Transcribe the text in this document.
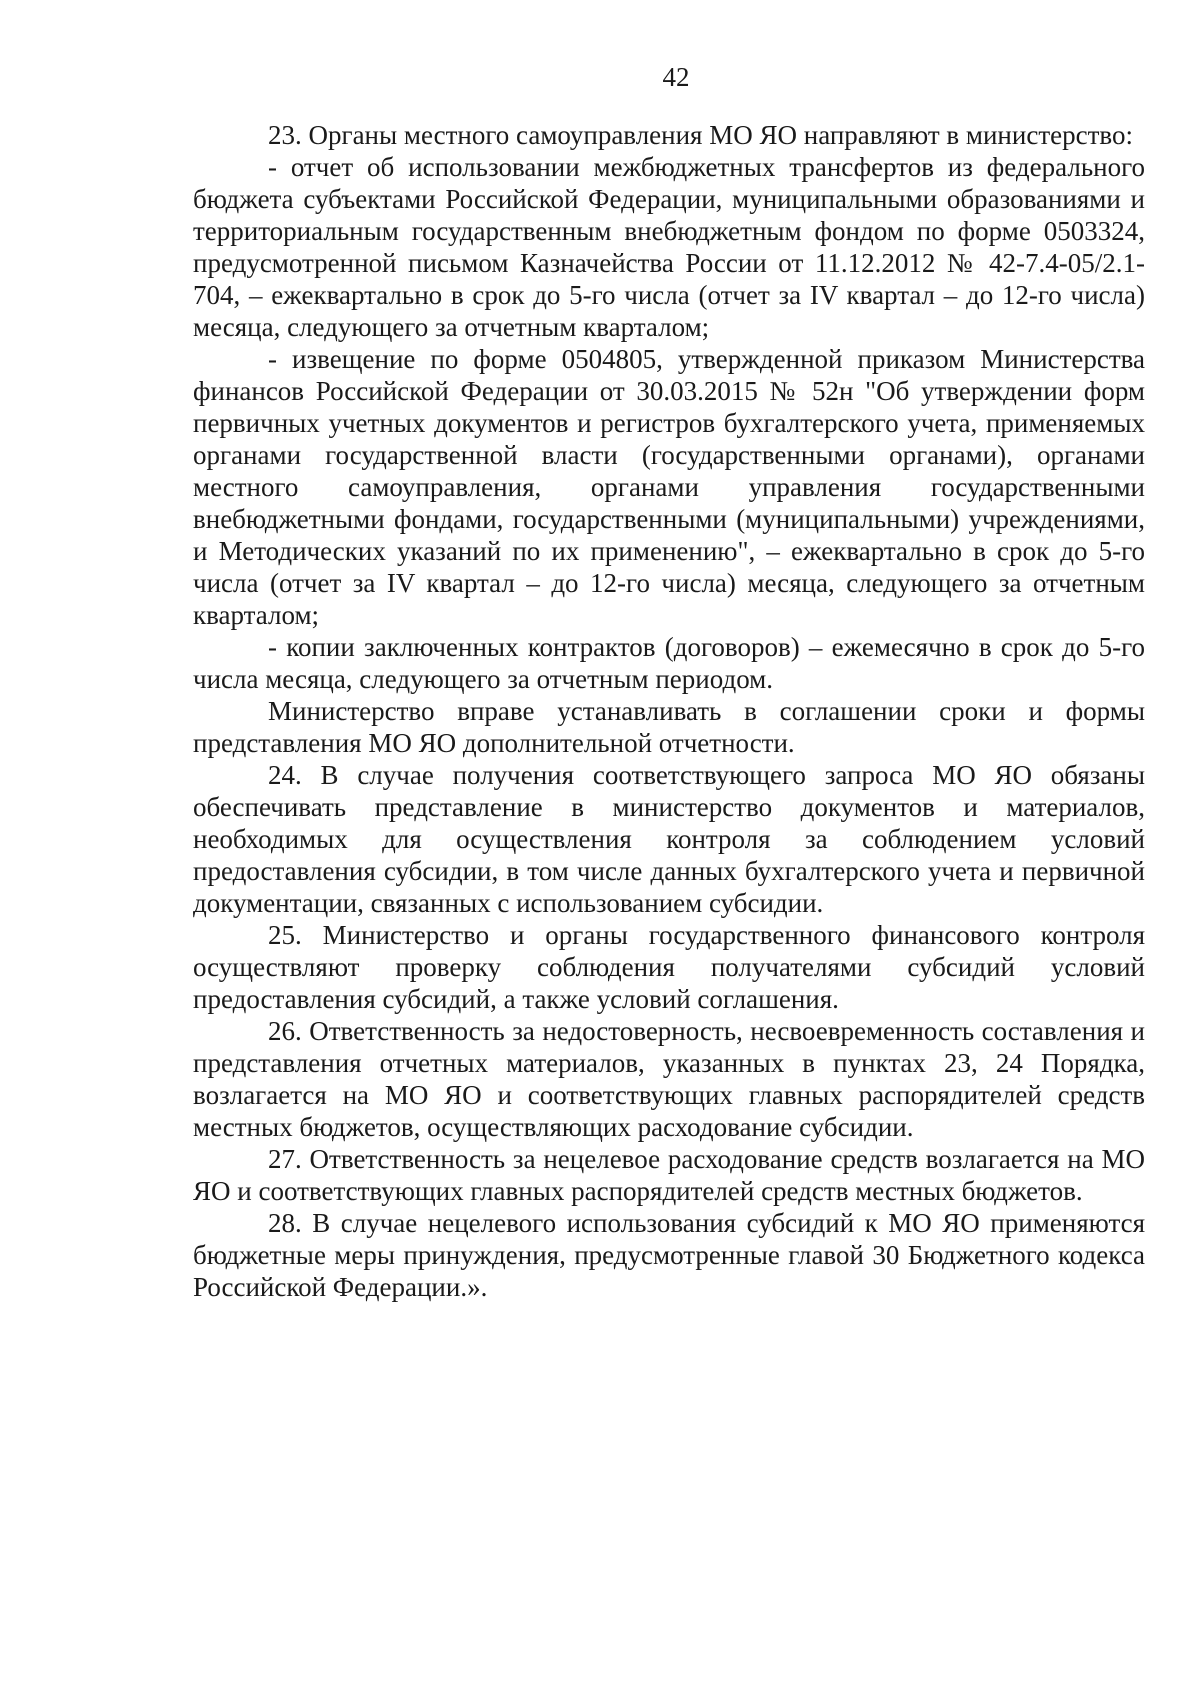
42

23. Органы местного самоуправления МО ЯО направляют в министерство:

- отчет об использовании межбюджетных трансфертов из федерального бюджета субъектами Российской Федерации, муниципальными образованиями и территориальным государственным внебюджетным фондом по форме 0503324, предусмотренной письмом Казначейства России от 11.12.2012 № 42-7.4-05/2.1-704, – ежеквартально в срок до 5-го числа (отчет за IV квартал – до 12-го числа) месяца, следующего за отчетным кварталом;

- извещение по форме 0504805, утвержденной приказом Министерства финансов Российской Федерации от 30.03.2015 № 52н "Об утверждении форм первичных учетных документов и регистров бухгалтерского учета, применяемых органами государственной власти (государственными органами), органами местного самоуправления, органами управления государственными внебюджетными фондами, государственными (муниципальными) учреждениями, и Методических указаний по их применению", – ежеквартально в срок до 5-го числа (отчет за IV квартал – до 12-го числа) месяца, следующего за отчетным кварталом;

- копии заключенных контрактов (договоров) – ежемесячно в срок до 5-го числа месяца, следующего за отчетным периодом.

Министерство вправе устанавливать в соглашении сроки и формы представления МО ЯО дополнительной отчетности.

24. В случае получения соответствующего запроса МО ЯО обязаны обеспечивать представление в министерство документов и материалов, необходимых для осуществления контроля за соблюдением условий предоставления субсидии, в том числе данных бухгалтерского учета и первичной документации, связанных с использованием субсидии.

25. Министерство и органы государственного финансового контроля осуществляют проверку соблюдения получателями субсидий условий предоставления субсидий, а также условий соглашения.

26. Ответственность за недостоверность, несвоевременность составления и представления отчетных материалов, указанных в пунктах 23, 24 Порядка, возлагается на МО ЯО и соответствующих главных распорядителей средств местных бюджетов, осуществляющих расходование субсидии.

27. Ответственность за нецелевое расходование средств возлагается на МО ЯО и соответствующих главных распорядителей средств местных бюджетов.

28. В случае нецелевого использования субсидий к МО ЯО применяются бюджетные меры принуждения, предусмотренные главой 30 Бюджетного кодекса Российской Федерации.».
